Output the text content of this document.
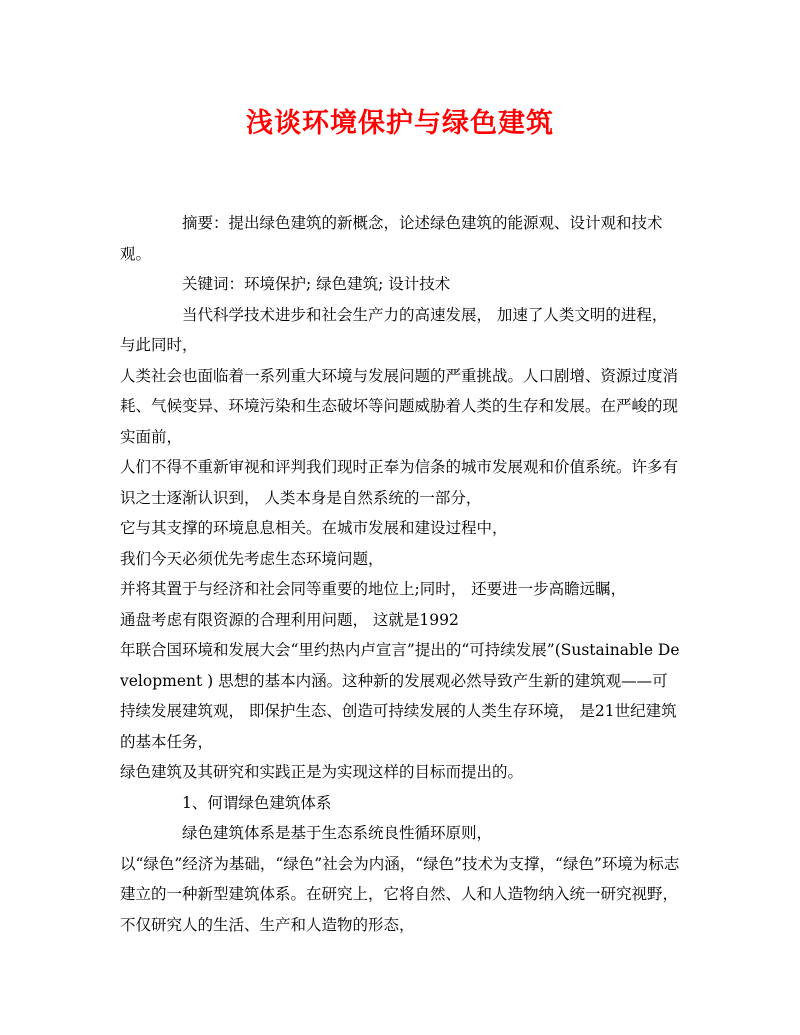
浅谈环境保护与绿色建筑

摘要：提出绿色建筑的新概念，论述绿色建筑的能源观、设计观和技术观。

关键词：环境保护; 绿色建筑; 设计技术

当代科学技术进步和社会生产力的高速发展， 加速了人类文明的进程，与此同时，

人类社会也面临着一系列重大环境与发展问题的严重挑战。人口剧增、资源过度消耗、气候变异、环境污染和生态破坏等问题威胁着人类的生存和发展。在严峻的现实面前，

人们不得不重新审视和评判我们现时正奉为信条的城市发展观和价值系统。许多有识之士逐渐认识到， 人类本身是自然系统的一部分，

它与其支撑的环境息息相关。在城市发展和建设过程中，

我们今天必须优先考虑生态环境问题，

并将其置于与经济和社会同等重要的地位上;同时， 还要进一步高瞻远瞩，

通盘考虑有限资源的合理利用问题， 这就是1992

年联合国环境和发展大会“里约热内卢宣言”提出的“可持续发展”(Sustainable Development ) 思想的基本内涵。这种新的发展观必然导致产生新的建筑观——可持续发展建筑观， 即保护生态、创造可持续发展的人类生存环境， 是21世纪建筑的基本任务，

绿色建筑及其研究和实践正是为实现这样的目标而提出的。

1、何谓绿色建筑体系

绿色建筑体系是基于生态系统良性循环原则，

以“绿色”经济为基础，“绿色”社会为内涵，“绿色”技术为支撑，“绿色”环境为标志建立的一种新型建筑体系。在研究上，它将自然、人和人造物纳入统一研究视野， 不仅研究人的生活、生产和人造物的形态，
